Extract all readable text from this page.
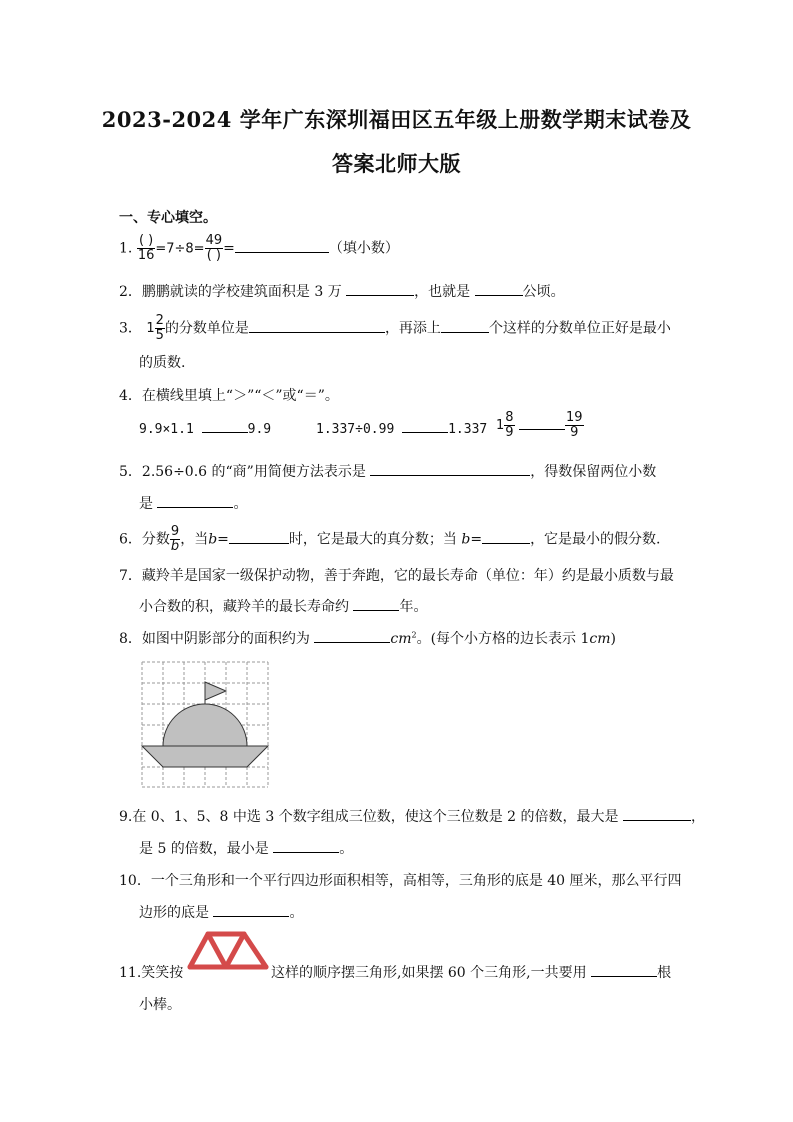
2023-2024 学年广东深圳福田区五年级上册数学期末试卷及
答案北师大版
一、专心填空。
1. $\frac{( )}{16} =7\div 8= \frac{49}{( )}$ =	（填小数）
2．鹏鹏就读的学校建筑面积是 3 万	，也就是	公顷。
3． $1 \frac{2}{5}$ 的分数单位是	，再添上	个这样的分数单位正好是最小
的质数.
4．在横线里填上“＞”“＜”或“＝”。
9.9×1.1	9.9	1.337÷0.99	1.337 $1 \frac{8}{9}$
	$\frac{19}{9}$
5．2.56÷0.6 的“商”用简便方法表示是	，得数保留两位小数
是	。
6．分数 $\frac{9}{b}$ ，当b=	时，它是最大的真分数；当 b=	，它是最小的假分数.
7．藏羚羊是国家一级保护动物，善于奔跑，它的最长寿命（单位：年）约是最小质数与最
小合数的积，藏羚羊的最长寿命约	年。
8．如图中阴影部分的面积约为	$cm^2$。(每个小方格的边长表示 1cm)
9.在 0、1、5、8 中选 3 个数字组成三位数，使这个三位数是 2 的倍数，最大是	，
是 5 的倍数，最小是	。
10．一个三角形和一个平行四边形面积相等，高相等，三角形的底是 40 厘米，那么平行四
边形的底是	。
11.笑笑按	这样的顺序摆三角形,如果摆 60 个三角形,一共要用	根
小棒。
